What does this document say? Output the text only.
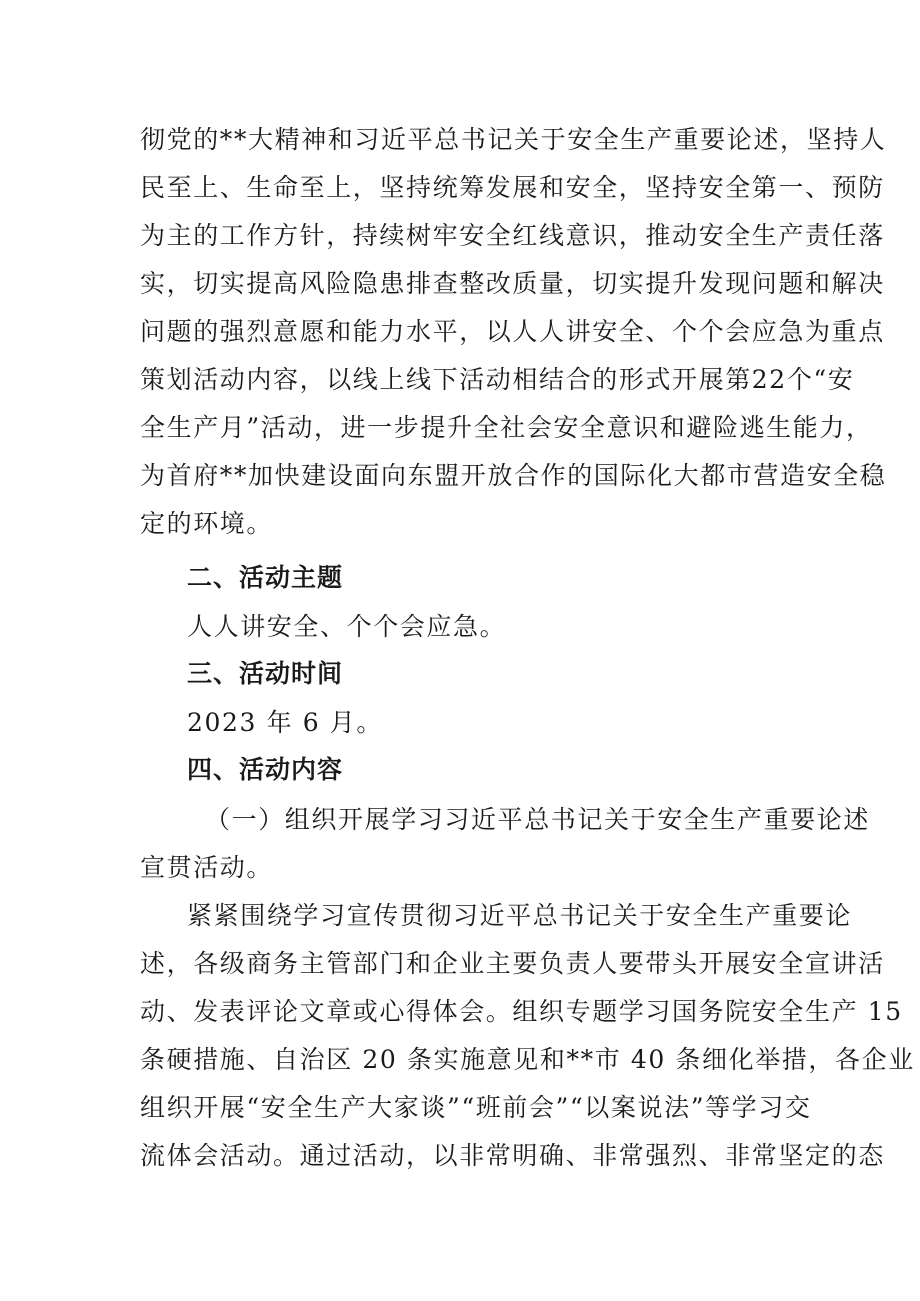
彻党的**大精神和习近平总书记关于安全生产重要论述，坚持人
民至上、生命至上，坚持统筹发展和安全，坚持安全第一、预防
为主的工作方针，持续树牢安全红线意识，推动安全生产责任落
实，切实提高风险隐患排查整改质量，切实提升发现问题和解决
问题的强烈意愿和能力水平，以人人讲安全、个个会应急为重点
策划活动内容，以线上线下活动相结合的形式开展第22个“安
全生产月”活动，进一步提升全社会安全意识和避险逃生能力，
为首府**加快建设面向东盟开放合作的国际化大都市营造安全稳
定的环境。
二、活动主题
人人讲安全、个个会应急。
三、活动时间
2023 年 6 月。
四、活动内容
（一）组织开展学习习近平总书记关于安全生产重要论述
宣贯活动。
紧紧围绕学习宣传贯彻习近平总书记关于安全生产重要论
述，各级商务主管部门和企业主要负责人要带头开展安全宣讲活
动、发表评论文章或心得体会。组织专题学习国务院安全生产 15
条硬措施、自治区 20 条实施意见和**市 40 条细化举措，各企业
组织开展“安全生产大家谈”“班前会”“以案说法”等学习交
流体会活动。通过活动，以非常明确、非常强烈、非常坚定的态
